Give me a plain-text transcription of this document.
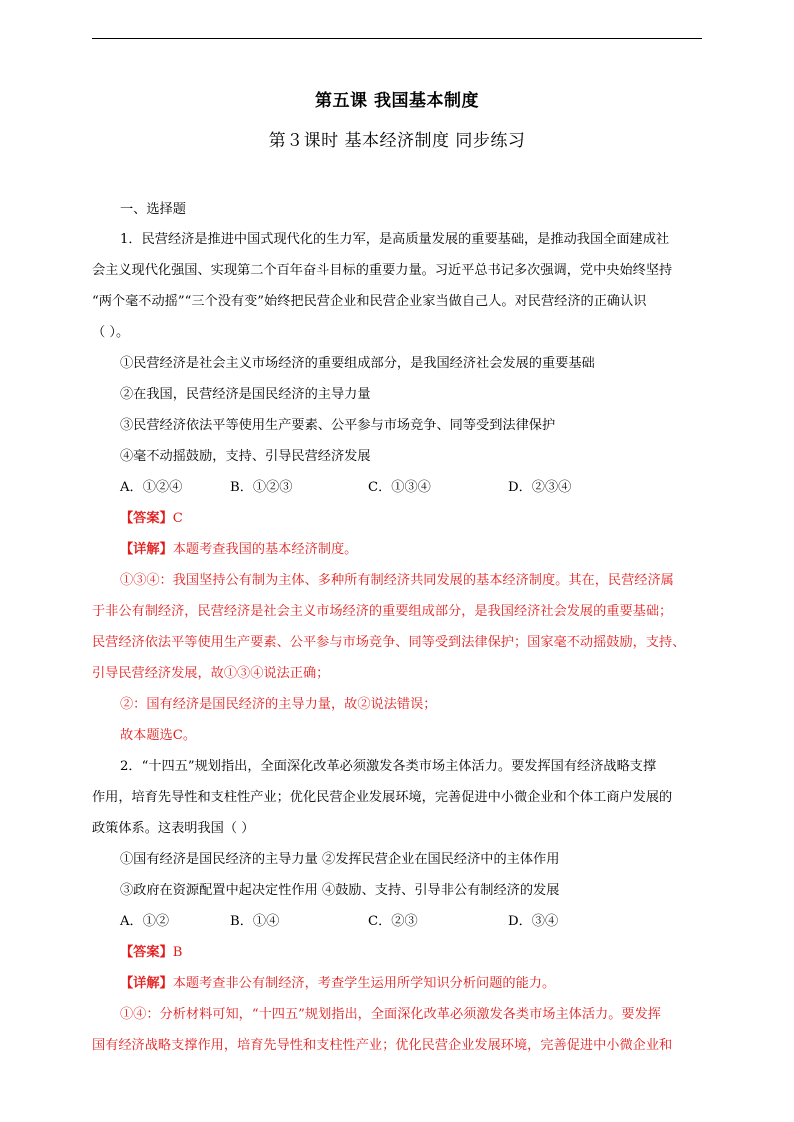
第五课 我国基本制度
第３课时 基本经济制度 同步练习
一、选择题
1．民营经济是推进中国式现代化的生力军，是高质量发展的重要基础，是推动我国全面建成社
会主义现代化强国、实现第二个百年奋斗目标的重要力量。习近平总书记多次强调，党中央始终坚持
“两个毫不动摇”“三个没有变”始终把民营企业和民营企业家当做自己人。对民营经济的正确认识
（ ）。
①民营经济是社会主义市场经济的重要组成部分，是我国经济社会发展的重要基础
②在我国，民营经济是国民经济的主导力量
③民营经济依法平等使用生产要素、公平参与市场竞争、同等受到法律保护
④毫不动摇鼓励，支持、引导民营经济发展
A．①②④	B．①②③	C．①③④	D．②③④
【答案】C
【详解】本题考查我国的基本经济制度。
①③④：我国坚持公有制为主体、多种所有制经济共同发展的基本经济制度。其在，民营经济属
于非公有制经济，民营经济是社会主义市场经济的重要组成部分，是我国经济社会发展的重要基础；
民营经济依法平等使用生产要素、公平参与市场竞争、同等受到法律保护；国家毫不动摇鼓励，支持、
引导民营经济发展，故①③④说法正确；
②：国有经济是国民经济的主导力量，故②说法错误；
故本题选C。
2．“十四五”规划指出，全面深化改革必须激发各类市场主体活力。要发挥国有经济战略支撑
作用，培育先导性和支柱性产业；优化民营企业发展环境，完善促进中小微企业和个体工商户发展的
政策体系。这表明我国（ ）
①国有经济是国民经济的主导力量 ②发挥民营企业在国民经济中的主体作用
③政府在资源配置中起决定性作用 ④鼓励、支持、引导非公有制经济的发展
A．①②	B．①④	C．②③	D．③④
【答案】B
【详解】本题考查非公有制经济，考查学生运用所学知识分析问题的能力。
①④：分析材料可知，“十四五”规划指出，全面深化改革必须激发各类市场主体活力。要发挥
国有经济战略支撑作用，培育先导性和支柱性产业；优化民营企业发展环境，完善促进中小微企业和
